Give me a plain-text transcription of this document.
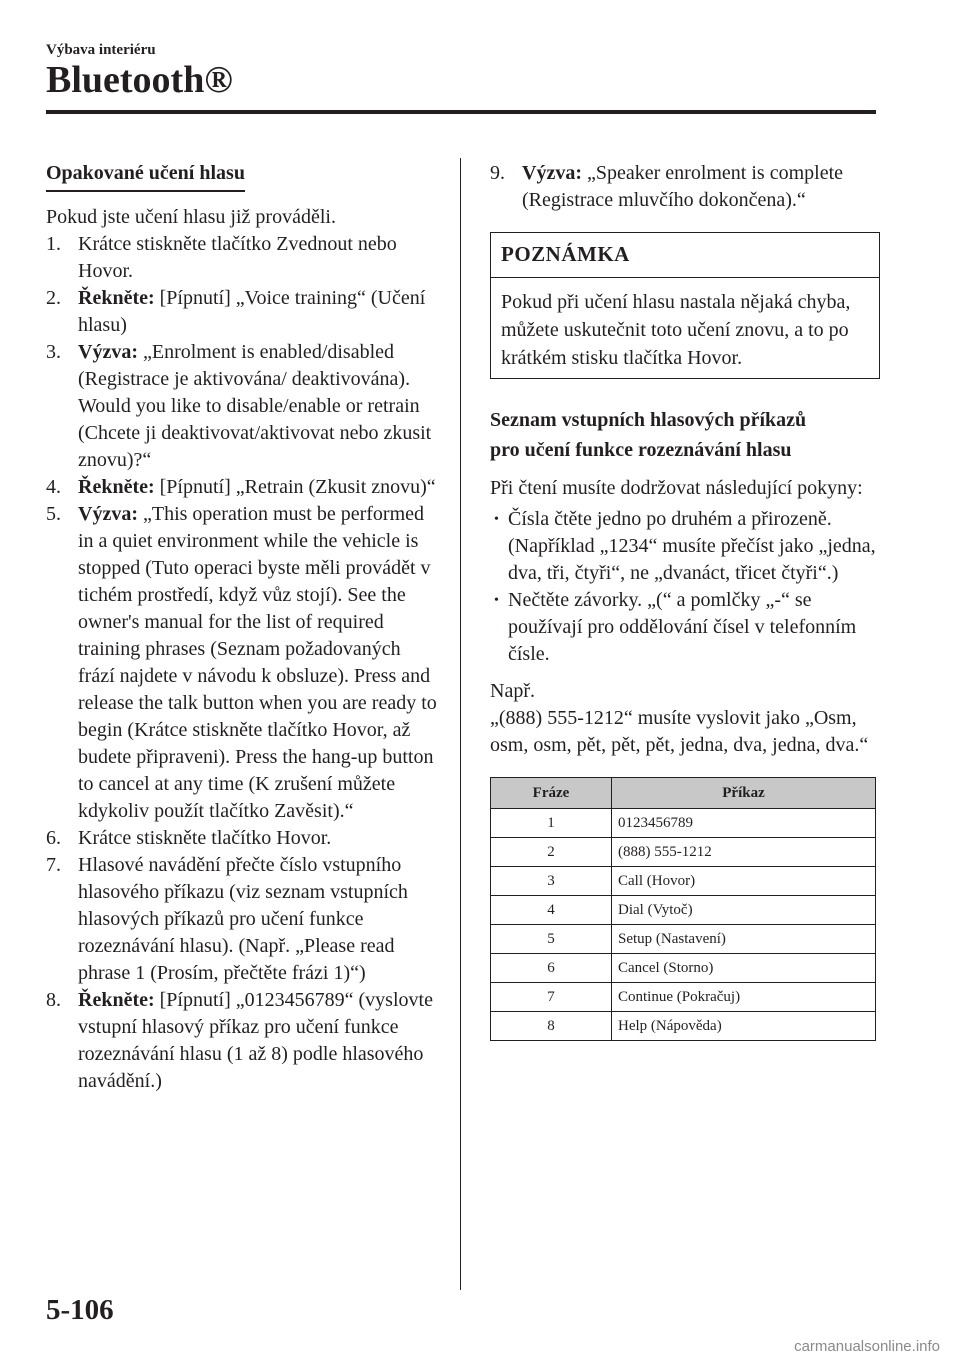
Výbava interiéru
Bluetooth®
Opakované učení hlasu
Pokud jste učení hlasu již prováděli.
1. Krátce stiskněte tlačítko Zvednout nebo Hovor.
2. Řekněte: [Pípnutí] „Voice training“ (Učení hlasu)
3. Výzva: „Enrolment is enabled/disabled (Registrace je aktivována/ deaktivována). Would you like to disable/enable or retrain (Chcete ji deaktivovat/aktivovat nebo zkusit znovu)?“
4. Řekněte: [Pípnutí] „Retrain (Zkusit znovu)“
5. Výzva: „This operation must be performed in a quiet environment while the vehicle is stopped (Tuto operaci byste měli provádět v tichém prostředí, když vůz stojí). See the owner's manual for the list of required training phrases (Seznam požadovaných frází najdete v návodu k obsluze). Press and release the talk button when you are ready to begin (Krátce stiskněte tlačítko Hovor, až budete připraveni). Press the hang-up button to cancel at any time (K zrušení můžete kdykoliv použít tlačítko Zavěsit).“
6. Krátce stiskněte tlačítko Hovor.
7. Hlasové navádění přečte číslo vstupního hlasového příkazu (viz seznam vstupních hlasových příkazů pro učení funkce rozeznávání hlasu). (Např. „Please read phrase 1 (Prosím, přečtěte frázi 1)“)
8. Řekněte: [Pípnutí] „0123456789“ (vyslovte vstupní hlasový příkaz pro učení funkce rozeznávání hlasu (1 až 8) podle hlasového navádění.)
9. Výzva: „Speaker enrolment is complete (Registrace mluvčího dokončena).“
POZNÁMKA
Pokud při učení hlasu nastala nějaká chyba, můžete uskutečnit toto učení znovu, a to po krátkém stisku tlačítka Hovor.
Seznam vstupních hlasových příkazů
pro učení funkce rozeznávání hlasu
Při čtení musíte dodržovat následující pokyny:
• Čísla čtěte jedno po druhém a přirozeně. (Například „1234“ musíte přečíst jako „jedna, dva, tři, čtyři“, ne „dvanáct, třicet čtyři“.)
• Nečtěte závorky. „(“ a pomlčky „-“ se používají pro oddělování čísel v telefonním čísle.
Např.
„(888) 555-1212“ musíte vyslovit jako „Osm, osm, osm, pět, pět, pět, jedna, dva, jedna, dva.“
Fráze	Příkaz
1	0123456789
2	(888) 555-1212
3	Call (Hovor)
4	Dial (Vytoč)
5	Setup (Nastavení)
6	Cancel (Storno)
7	Continue (Pokračuj)
8	Help (Nápověda)
5-106
carmanualsonline.info
